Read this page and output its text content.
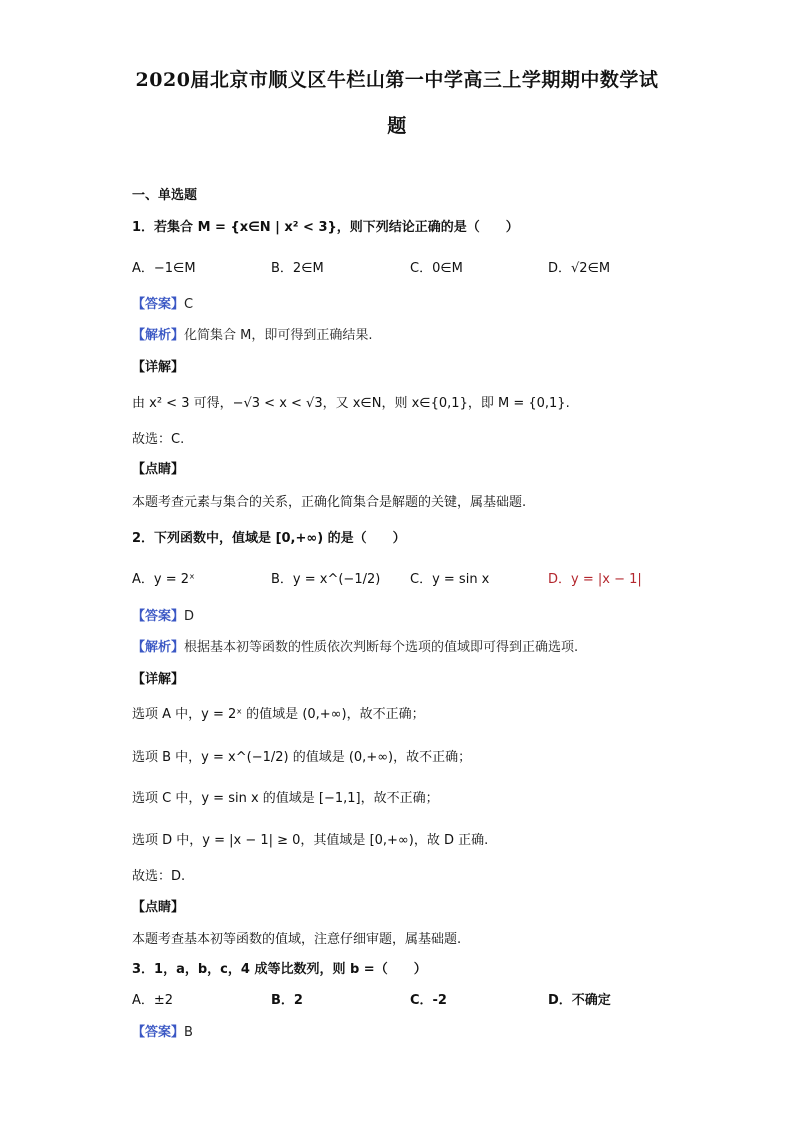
2020届北京市顺义区牛栏山第一中学高三上学期期中数学试
题
一、单选题
1．若集合 M = {x∈N | x² < 3}，则下列结论正确的是（　　）
A．−1∈M	B．2∈M	C．0∈M	D．√2∈M
【答案】C
【解析】化简集合 M，即可得到正确结果.
【详解】
由 x² < 3 可得，−√3 < x < √3，又 x∈N，则 x∈{0,1}，即 M = {0,1}.
故选：C.
【点睛】
本题考查元素与集合的关系，正确化简集合是解题的关键，属基础题.
2．下列函数中，值域是 [0,+∞) 的是（　　）
A．y = 2ˣ	B．y = x^(−1/2) C．y = sin x	D．y = |x − 1|
【答案】D
【解析】根据基本初等函数的性质依次判断每个选项的值域即可得到正确选项.
【详解】
选项 A 中，y = 2ˣ 的值域是 (0,+∞)，故不正确；
选项 B 中，y = x^(−1/2) 的值域是 (0,+∞)，故不正确；
选项 C 中，y = sin x 的值域是 [−1,1]，故不正确；
选项 D 中，y = |x − 1| ≥ 0，其值域是 [0,+∞)，故 D 正确.
故选：D.
【点睛】
本题考查基本初等函数的值域，注意仔细审题，属基础题.
3．1，a，b，c，4 成等比数列，则 b =（　　）
A．±2	B．2	C．-2	D．不确定
【答案】B
